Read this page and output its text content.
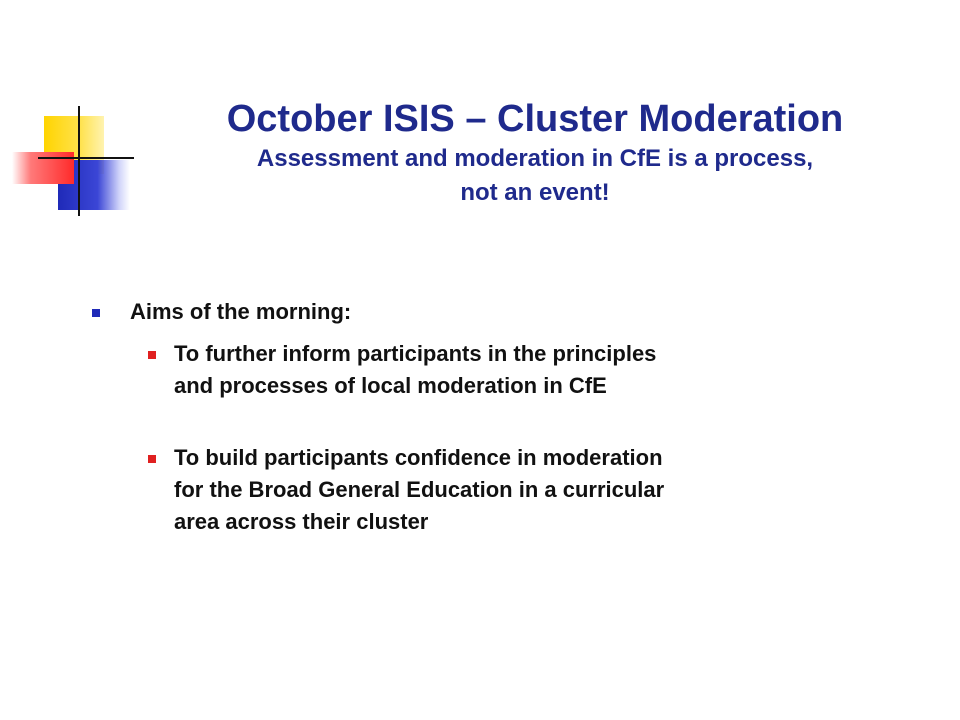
October ISIS – Cluster Moderation
Assessment and moderation in CfE is a process,
not an event!
Aims of the morning:
To further inform participants in the principles
and processes of local moderation in CfE
To build participants confidence in moderation
for the Broad General Education in a curricular
area across their cluster
